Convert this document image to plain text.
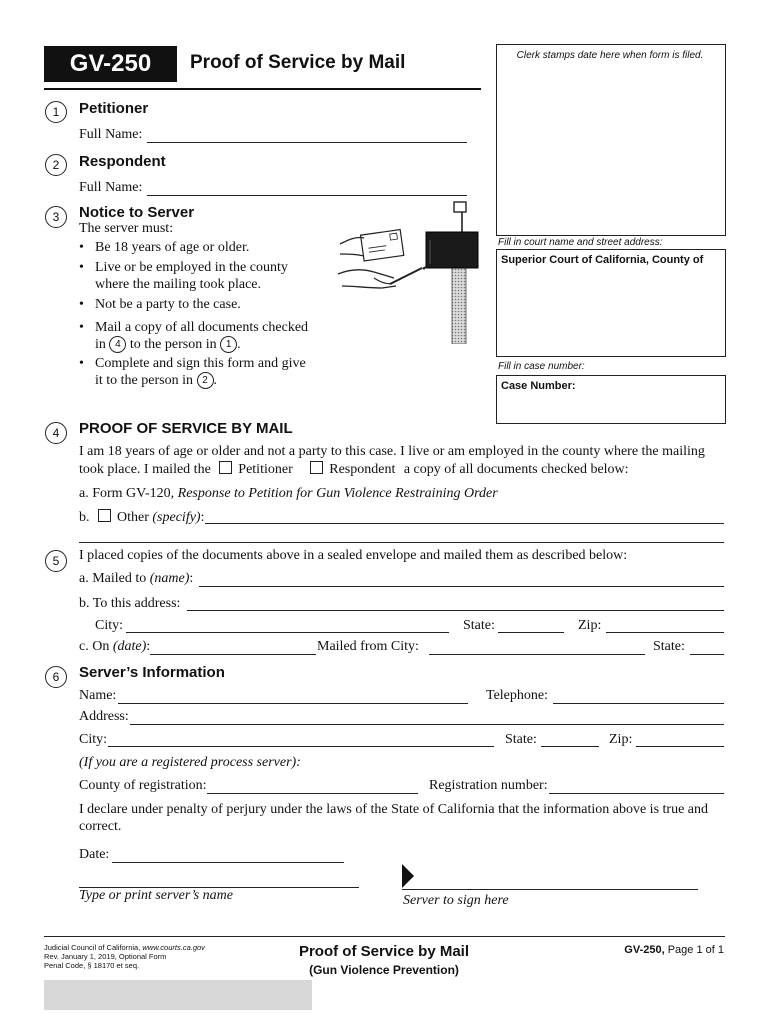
GV-250	Proof of Service by Mail	Clerk stamps date here when form is filed.
Fill in court name and street address:
Superior Court of California, County of
Fill in case number:
Case Number:
1	Petitioner
Full Name:
2	Respondent
Full Name:
3	Notice to Server
The server must:
• Be 18 years of age or older.
• Live or be employed in the county
where the mailing took place.
• Not be a party to the case.
• Mail a copy of all documents checked
in 4 to the person in 1 .
• Complete and sign this form and give
it to the person in 2 .
4	PROOF OF SERVICE BY MAIL
I am 18 years of age or older and not a party to this case. I live or am employed in the county where the mailing
took place. I mailed the Petitioner	Respondent a copy of all documents checked below:
a. Form GV-120, Response to Petition for Gun Violence Restraining Order
b. Other (specify):
5	I placed copies of the documents above in a sealed envelope and mailed them as described below:
a. Mailed to (name):
b. To this address:
City:	State:	Zip:
c. On (date):	Mailed from City:	State:
6	Server’s Information
Name:	Telephone:
Address:
City:	State:	Zip:
(If you are a registered process server):
County of registration:	Registration number:
I declare under penalty of perjury under the laws of the State of California that the information above is true and
correct.
Date:
Type or print server’s name	Server to sign here
Judicial Council of California, www.courts.ca.gov
Rev. January 1, 2019, Optional Form
Penal Code, § 18170 et seq.
Proof of Service by Mail
(Gun Violence Prevention)
GV-250, Page 1 of 1
